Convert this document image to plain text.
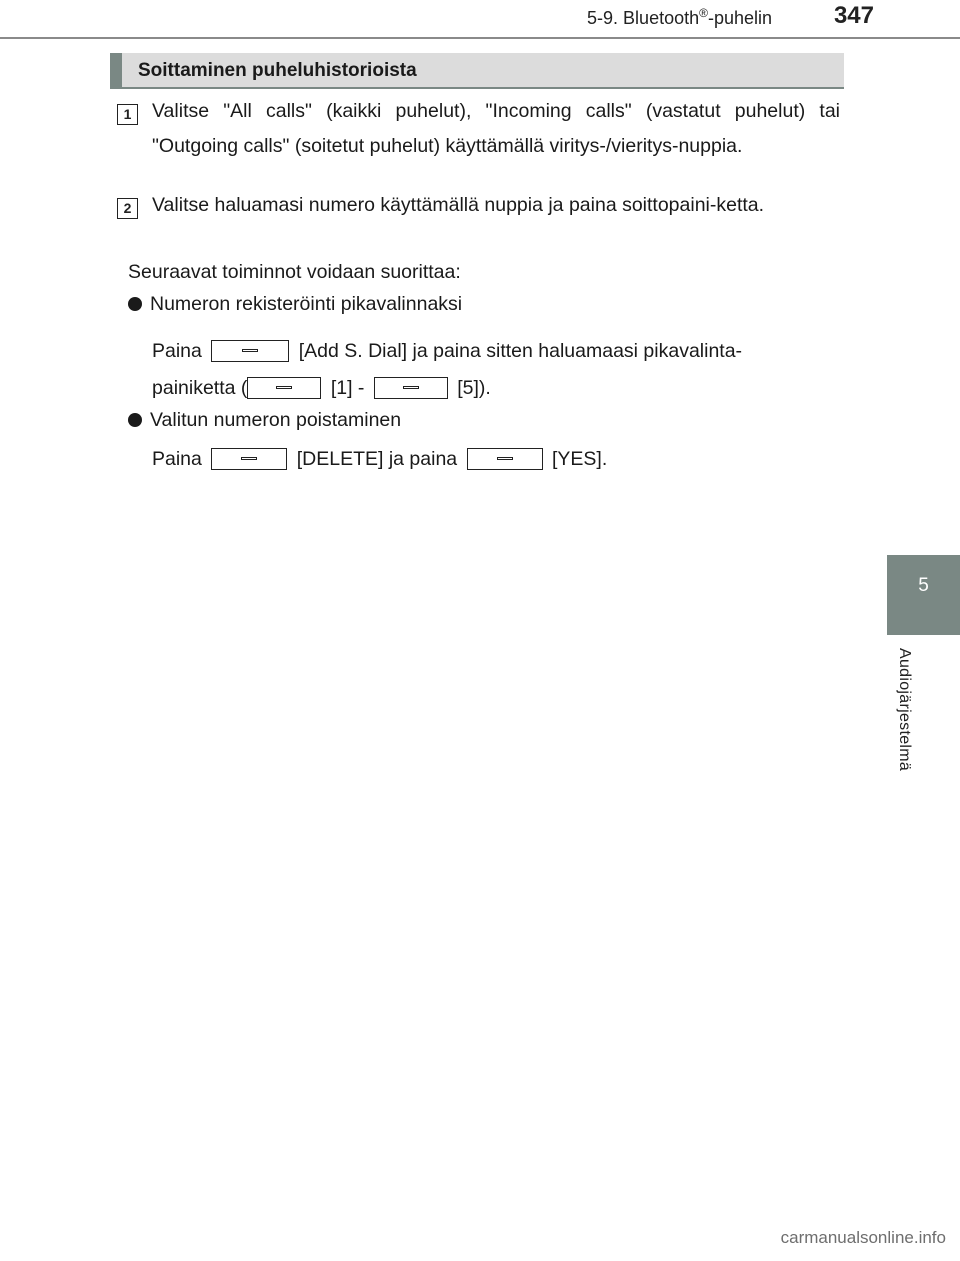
5-9. Bluetooth®-puhelin	347
5
Audiojärjestelmä
Soittaminen puheluhistorioista
1	Valitse "All calls" (kaikki puhelut), "Incoming calls" (vastatut puhelut) tai "Outgoing calls" (soitetut puhelut) käyttämällä viritys-/vieritys-nuppia.
2	Valitse haluamasi numero käyttämällä nuppia ja paina soittopaini-ketta.
Seuraavat toiminnot voidaan suorittaa:
Numeron rekisteröinti pikavalinnaksi
Paina	[Add S. Dial] ja paina sitten haluamaasi pikavalinta-
painiketta (	[1] -	[5]).
Valitun numeron poistaminen
Paina	[DELETE] ja paina	[YES].
carmanualsonline.info
